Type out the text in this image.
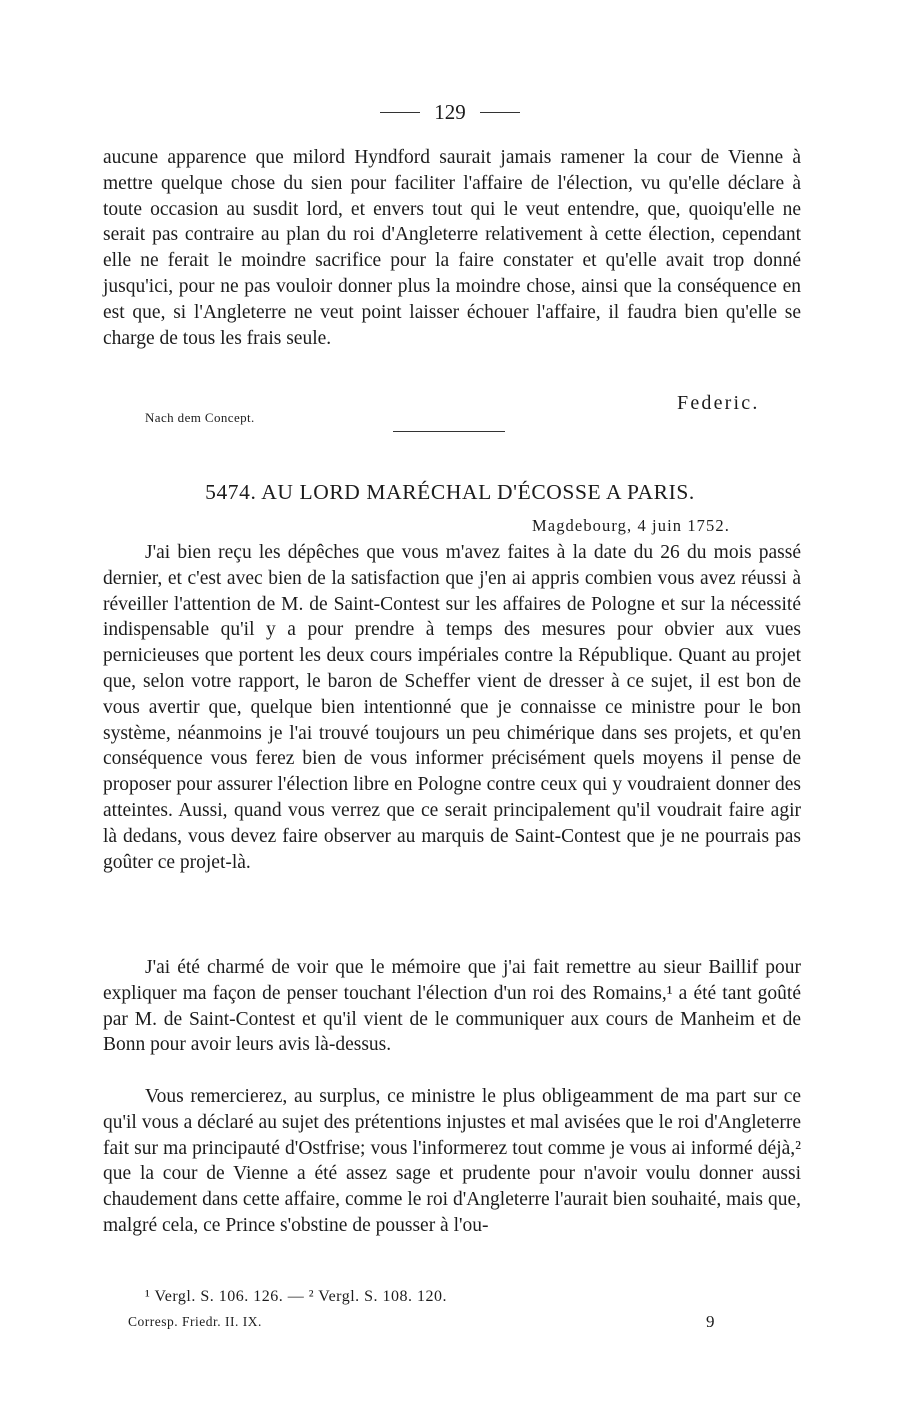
129

aucune apparence que milord Hyndford saurait jamais ramener la cour de Vienne à mettre quelque chose du sien pour faciliter l'affaire de l'élection, vu qu'elle déclare à toute occasion au susdit lord, et envers tout qui le veut entendre, que, quoiqu'elle ne serait pas contraire au plan du roi d'Angleterre relativement à cette élection, cependant elle ne ferait le moindre sacrifice pour la faire constater et qu'elle avait trop donné jusqu'ici, pour ne pas vouloir donner plus la moindre chose, ainsi que la conséquence en est que, si l'Angleterre ne veut point laisser échouer l'affaire, il faudra bien qu'elle se charge de tous les frais seule.

Federic.
Nach dem Concept.
5474. AU LORD MARÉCHAL D'ÉCOSSE A PARIS.
Magdebourg, 4 juin 1752.

J'ai bien reçu les dépêches que vous m'avez faites à la date du 26 du mois passé dernier, et c'est avec bien de la satisfaction que j'en ai appris combien vous avez réussi à réveiller l'attention de M. de Saint-Contest sur les affaires de Pologne et sur la nécessité indispensable qu'il y a pour prendre à temps des mesures pour obvier aux vues pernicieuses que portent les deux cours impériales contre la République. Quant au projet que, selon votre rapport, le baron de Scheffer vient de dresser à ce sujet, il est bon de vous avertir que, quelque bien intentionné que je connaisse ce ministre pour le bon système, néanmoins je l'ai trouvé toujours un peu chimérique dans ses projets, et qu'en conséquence vous ferez bien de vous informer précisément quels moyens il pense de proposer pour assurer l'élection libre en Pologne contre ceux qui y voudraient donner des atteintes. Aussi, quand vous verrez que ce serait principalement qu'il voudrait faire agir là dedans, vous devez faire observer au marquis de Saint-Contest que je ne pourrais pas goûter ce projet-là.

J'ai été charmé de voir que le mémoire que j'ai fait remettre au sieur Baillif pour expliquer ma façon de penser touchant l'élection d'un roi des Romains,¹ a été tant goûté par M. de Saint-Contest et qu'il vient de le communiquer aux cours de Manheim et de Bonn pour avoir leurs avis là-dessus.

Vous remercierez, au surplus, ce ministre le plus obligeamment de ma part sur ce qu'il vous a déclaré au sujet des prétentions injustes et mal avisées que le roi d'Angleterre fait sur ma principauté d'Ostfrise; vous l'informerez tout comme je vous ai informé déjà,² que la cour de Vienne a été assez sage et prudente pour n'avoir voulu donner aussi chaudement dans cette affaire, comme le roi d'Angleterre l'aurait bien souhaité, mais que, malgré cela, ce Prince s'obstine de pousser à l'ou-

¹ Vergl. S. 106. 126. — ² Vergl. S. 108. 120.
Corresp. Friedr. II. IX.	9
